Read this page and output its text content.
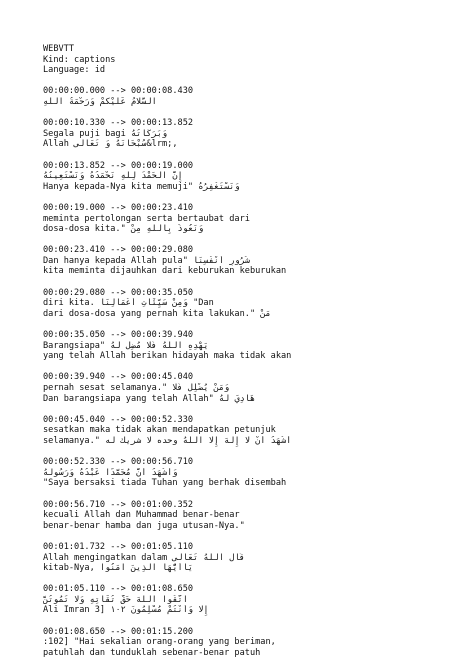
WEBVTT
Kind: captions
Language: id
00:00:00.000 --> 00:00:08.430
السَّلَامُ عَلَيْكُمْ وَرَحْمَةُ اللهِ
00:00:10.330 --> 00:00:13.852
وَبَرَكَاتُهُ Segala puji bagi
Allah سُبْحَانَهُ وَ تَعَالَى&lrm;,
00:00:13.852 --> 00:00:19.000
إِنَّ الْحَمْدَ لِلَّهِ نَحْمَدُهُ وَنَسْتَعِينُهُ
وَنَسْتَغْفِرُهُ "Hanya kepada-Nya kita memuji
00:00:19.000 --> 00:00:23.410
meminta pertolongan serta bertaubat dari
dosa-dosa kita." وَنَعُوذُ بِاللهِ مِنْ
00:00:23.410 --> 00:00:29.080
شُرُورِ أَنْفُسِنَا "Dan hanya kepada Allah pula
kita meminta dijauhkan dari keburukan keburukan
00:00:29.080 --> 00:00:35.050
diri kita. وَمِنْ سَيِّئَاتِ أَعْمَالِنَا "Dan
dari dosa-dosa yang pernah kita lakukan." مَنْ
00:00:35.050 --> 00:00:39.940
يَهْدِهِ اللهُ فَلَا مُضِلَّ لَهُ "Barangsiapa
yang telah Allah berikan hidayah maka tidak akan
00:00:39.940 --> 00:00:45.040
pernah sesat selamanya." وَمَنْ يُضْلِلْ فَلَا
هَادِيَ لَهُ "Dan barangsiapa yang telah Allah
00:00:45.040 --> 00:00:52.330
sesatkan maka tidak akan mendapatkan petunjuk
selamanya." أَشْهَدُ أَنْ لَا إِلَهَ إِلَّا اللهُ وحده لا شريك له
00:00:52.330 --> 00:00:56.710
وَأَشْهَدُ أَنَّ مُحَمَّدًا عَبْدُهُ وَرَسُولُهُ
"Saya bersaksi tiada Tuhan yang berhak disembah
00:00:56.710 --> 00:01:00.352
kecuali Allah dan Muhammad benar-benar
benar-benar hamba dan juga utusan-Nya."
00:01:01.732 --> 00:01:05.110
قَالَ اللهُ تَعَالَى Allah mengingatkan dalam
kitab-Nya, يَاأَيُّهَا الَّذِينَ آمَنُوا
00:01:05.110 --> 00:01:08.650
اتَّقُوا اللهَ حَقَّ تُقَاتِهِ وَلَا تَمُوتُنَّ
إِلَّا وَأَنْتُمْ مُسْلِمُونَ ١٠٢ [Ali Imran 3
00:01:08.650 --> 00:01:15.200
:102] "Hai sekalian orang-orang yang beriman,
patuhlah dan tunduklah sebenar-benar patuh
